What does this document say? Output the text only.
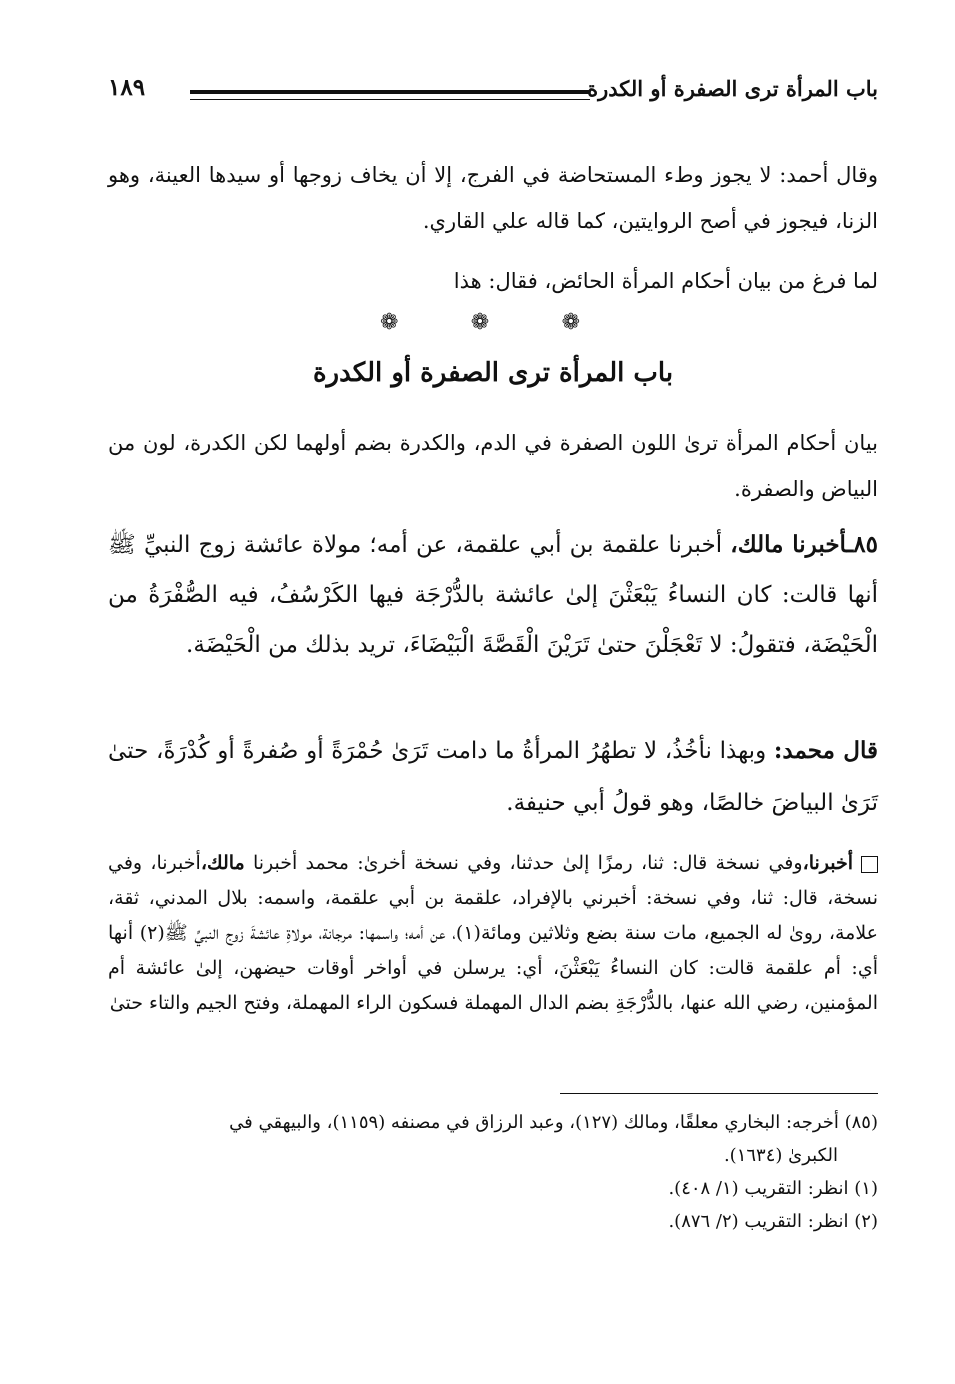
باب المرأة ترى الصفرة أو الكدرة
١٨٩
وقال أحمد: لا يجوز وطء المستحاضة في الفرج، إلا أن يخاف زوجها أو سيدها العينة، وهو الزنا، فيجوز في أصح الروايتين، كما قاله علي القاري.
لما فرغ من بيان أحكام المرأة الحائض، فقال: هذا
❁
❁
❁
باب المرأة ترى الصفرة أو الكدرة
بيان أحكام المرأة ترىٰ اللون الصفرة في الدم، والكدرة بضم أولهما لكن الكدرة، لون من البياض والصفرة.
٨٥ـأخبرنا مالك، أخبرنا علقمة بن أبي علقمة، عن أمه؛ مولاة عائشة زوج النبيِّ ﷺ أنها قالت: كان النساءُ يَبْعَثْنَ إلىٰ عائشة بالدُّرْجَة فيها الكَرْسُفُ، فيه الصُّفْرَةُ من الْحَيْضَة، فتقولُ: لا تَعْجَلْنَ حتىٰ تَرَيْنَ الْقَصَّةَ الْبَيْضَاءَ، تريد بذلك من الْحَيْضَة.
قال محمد: وبهذا نأخُذُ، لا تطهُرُ المرأةُ ما دامت تَرَىٰ حُمْرَةً أو صُفرةً أو كُدْرَةً، حتىٰ تَرَىٰ البياضَ خالصًا، وهو قولُ أبي حنيفة.
أخبرنا،وفي نسخة قال: ثنا، رمزًا إلىٰ حدثنا، وفي نسخة أخرىٰ: محمد أخبرنا مالك،أخبرنا، وفي نسخة، قال: ثنا، وفي نسخة: أخبرني بالإفراد، علقمة بن أبي علقمة، واسمه: بلال المدني، ثقة، علامة، روىٰ له الجميع، مات سنة بضع وثلاثين ومائة(١)، عن أمه؛ واسمها: مرجانة، مولاةِ عائشةَ زوج النبيِّ ﷺ(٢) أنها أي: أم علقمة قالت: كان النساءُ يَبْعَثْنَ، أي: يرسلن في أواخر أوقات حيضهن، إلىٰ عائشة أم المؤمنين، رضي الله عنها، بالدُّرْجَةِ بضم الدال المهملة فسكون الراء المهملة، وفتح الجيم والتاء حتىٰ
(٨٥) أخرجه: البخاري معلقًا، ومالك (١٢٧)، وعبد الرزاق في مصنفه (١١٥٩)، والبيهقي في
الكبرىٰ (١٦٣٤).
(١) انظر: التقريب (١/ ٤٠٨).
(٢) انظر: التقريب (٢/ ٨٧٦).
